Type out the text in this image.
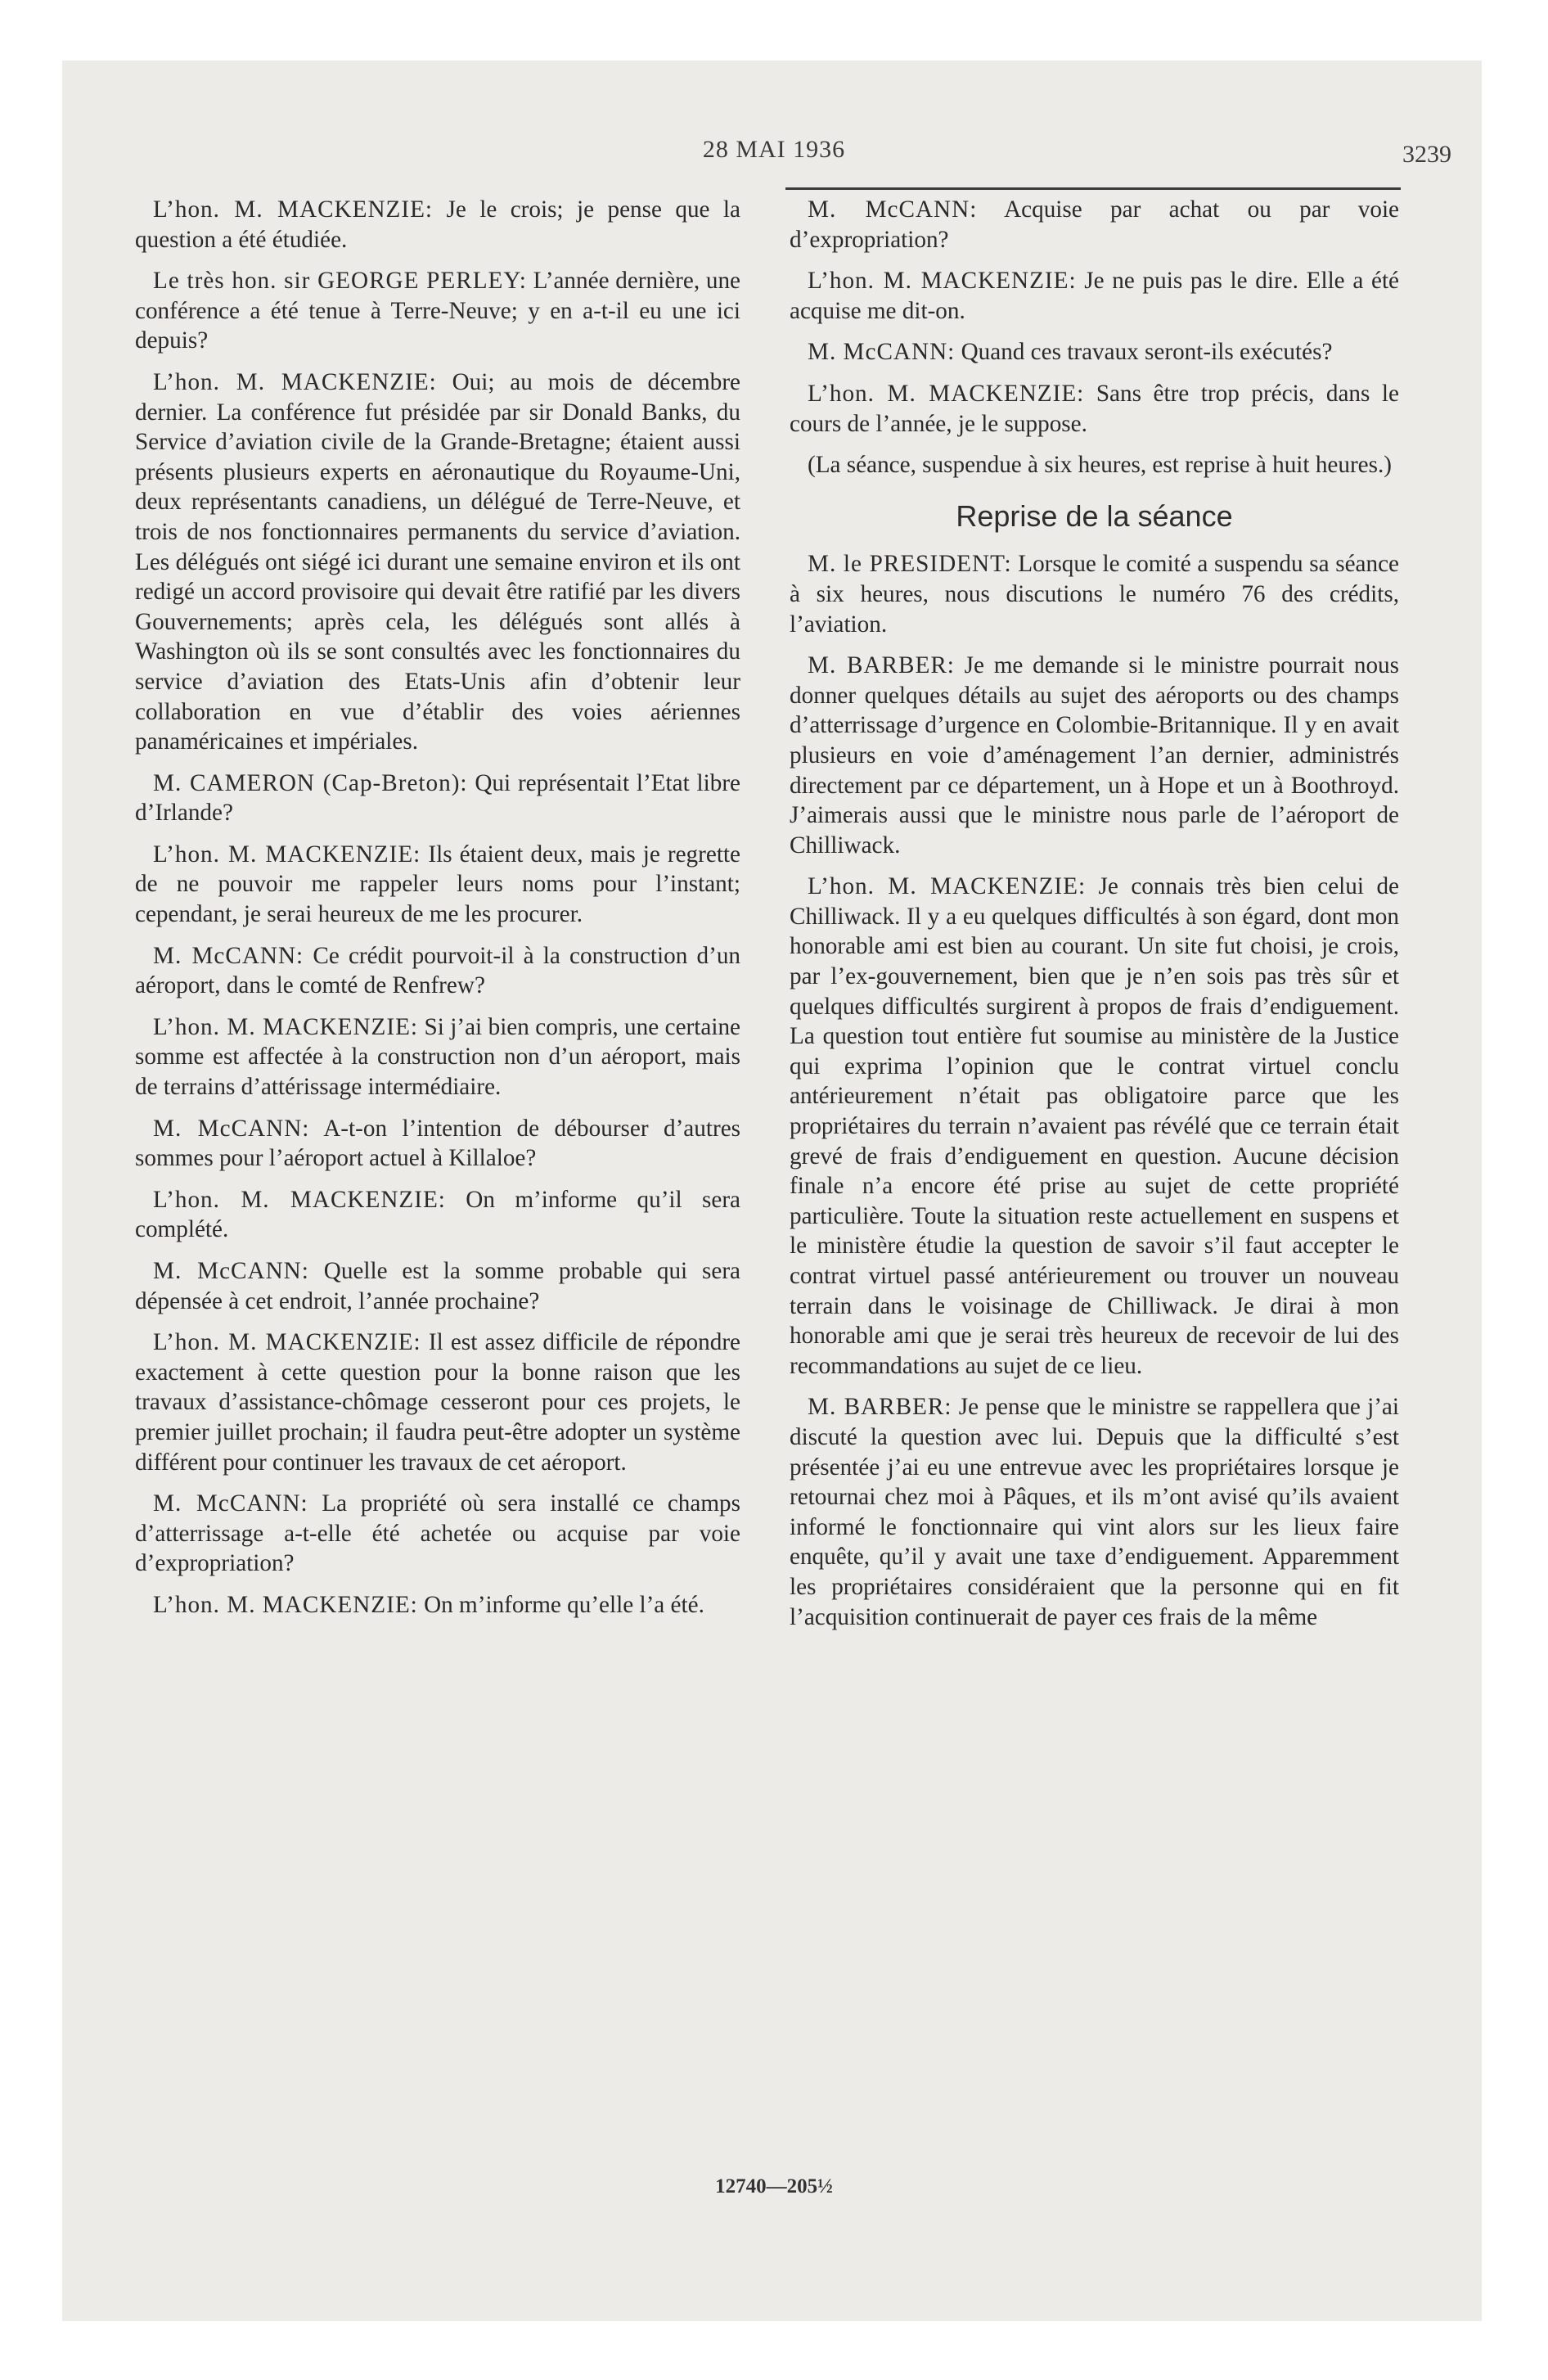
28 MAI 1936	3239

L’hon. M. MACKENZIE: Je le crois; je pense que la question a été étudiée.

Le très hon. sir GEORGE PERLEY: L’année dernière, une conférence a été tenue à Terre-Neuve; y en a-t-il eu une ici depuis?

L’hon. M. MACKENZIE: Oui; au mois de décembre dernier. La conférence fut présidée par sir Donald Banks, du Service d’aviation civile de la Grande-Bretagne; étaient aussi présents plusieurs experts en aéronautique du Royaume-Uni, deux représentants canadiens, un délégué de Terre-Neuve, et trois de nos fonctionnaires permanents du service d’aviation. Les délégués ont siégé ici durant une semaine environ et ils ont redigé un accord provisoire qui devait être ratifié par les divers Gouvernements; après cela, les délégués sont allés à Washington où ils se sont consultés avec les fonctionnaires du service d’aviation des Etats-Unis afin d’obtenir leur collaboration en vue d’établir des voies aériennes panaméricaines et impériales.

M. CAMERON (Cap-Breton): Qui représentait l’Etat libre d’Irlande?

L’hon. M. MACKENZIE: Ils étaient deux, mais je regrette de ne pouvoir me rappeler leurs noms pour l’instant; cependant, je serai heureux de me les procurer.

M. McCANN: Ce crédit pourvoit-il à la construction d’un aéroport, dans le comté de Renfrew?

L’hon. M. MACKENZIE: Si j’ai bien compris, une certaine somme est affectée à la construction non d’un aéroport, mais de terrains d’attérissage intermédiaire.

M. McCANN: A-t-on l’intention de débourser d’autres sommes pour l’aéroport actuel à Killaloe?

L’hon. M. MACKENZIE: On m’informe qu’il sera complété.

M. McCANN: Quelle est la somme probable qui sera dépensée à cet endroit, l’année prochaine?

L’hon. M. MACKENZIE: Il est assez difficile de répondre exactement à cette question pour la bonne raison que les travaux d’assistance-chômage cesseront pour ces projets, le premier juillet prochain; il faudra peut-être adopter un système différent pour continuer les travaux de cet aéroport.

M. McCANN: La propriété où sera installé ce champs d’atterrissage a-t-elle été achetée ou acquise par voie d’expropriation?

L’hon. M. MACKENZIE: On m’informe qu’elle l’a été.

M. McCANN: Acquise par achat ou par voie d’expropriation?

L’hon. M. MACKENZIE: Je ne puis pas le dire. Elle a été acquise me dit-on.

M. McCANN: Quand ces travaux seront-ils exécutés?

L’hon. M. MACKENZIE: Sans être trop précis, dans le cours de l’année, je le suppose.

(La séance, suspendue à six heures, est reprise à huit heures.)

Reprise de la séance

M. le PRESIDENT: Lorsque le comité a suspendu sa séance à six heures, nous discutions le numéro 76 des crédits, l’aviation.

M. BARBER: Je me demande si le ministre pourrait nous donner quelques détails au sujet des aéroports ou des champs d’atterrissage d’urgence en Colombie-Britannique. Il y en avait plusieurs en voie d’aménagement l’an dernier, administrés directement par ce département, un à Hope et un à Boothroyd. J’aimerais aussi que le ministre nous parle de l’aéroport de Chilliwack.

L’hon. M. MACKENZIE: Je connais très bien celui de Chilliwack. Il y a eu quelques difficultés à son égard, dont mon honorable ami est bien au courant. Un site fut choisi, je crois, par l’ex-gouvernement, bien que je n’en sois pas très sûr et quelques difficultés surgirent à propos de frais d’endiguement. La question tout entière fut soumise au ministère de la Justice qui exprima l’opinion que le contrat virtuel conclu antérieurement n’était pas obligatoire parce que les propriétaires du terrain n’avaient pas révélé que ce terrain était grevé de frais d’endiguement en question. Aucune décision finale n’a encore été prise au sujet de cette propriété particulière. Toute la situation reste actuellement en suspens et le ministère étudie la question de savoir s’il faut accepter le contrat virtuel passé antérieurement ou trouver un nouveau terrain dans le voisinage de Chilliwack. Je dirai à mon honorable ami que je serai très heureux de recevoir de lui des recommandations au sujet de ce lieu.

M. BARBER: Je pense que le ministre se rappellera que j’ai discuté la question avec lui. Depuis que la difficulté s’est présentée j’ai eu une entrevue avec les propriétaires lorsque je retournai chez moi à Pâques, et ils m’ont avisé qu’ils avaient informé le fonctionnaire qui vint alors sur les lieux faire enquête, qu’il y avait une taxe d’endiguement. Apparemment les propriétaires considéraient que la personne qui en fit l’acquisition continuerait de payer ces frais de la même

12740—205½
